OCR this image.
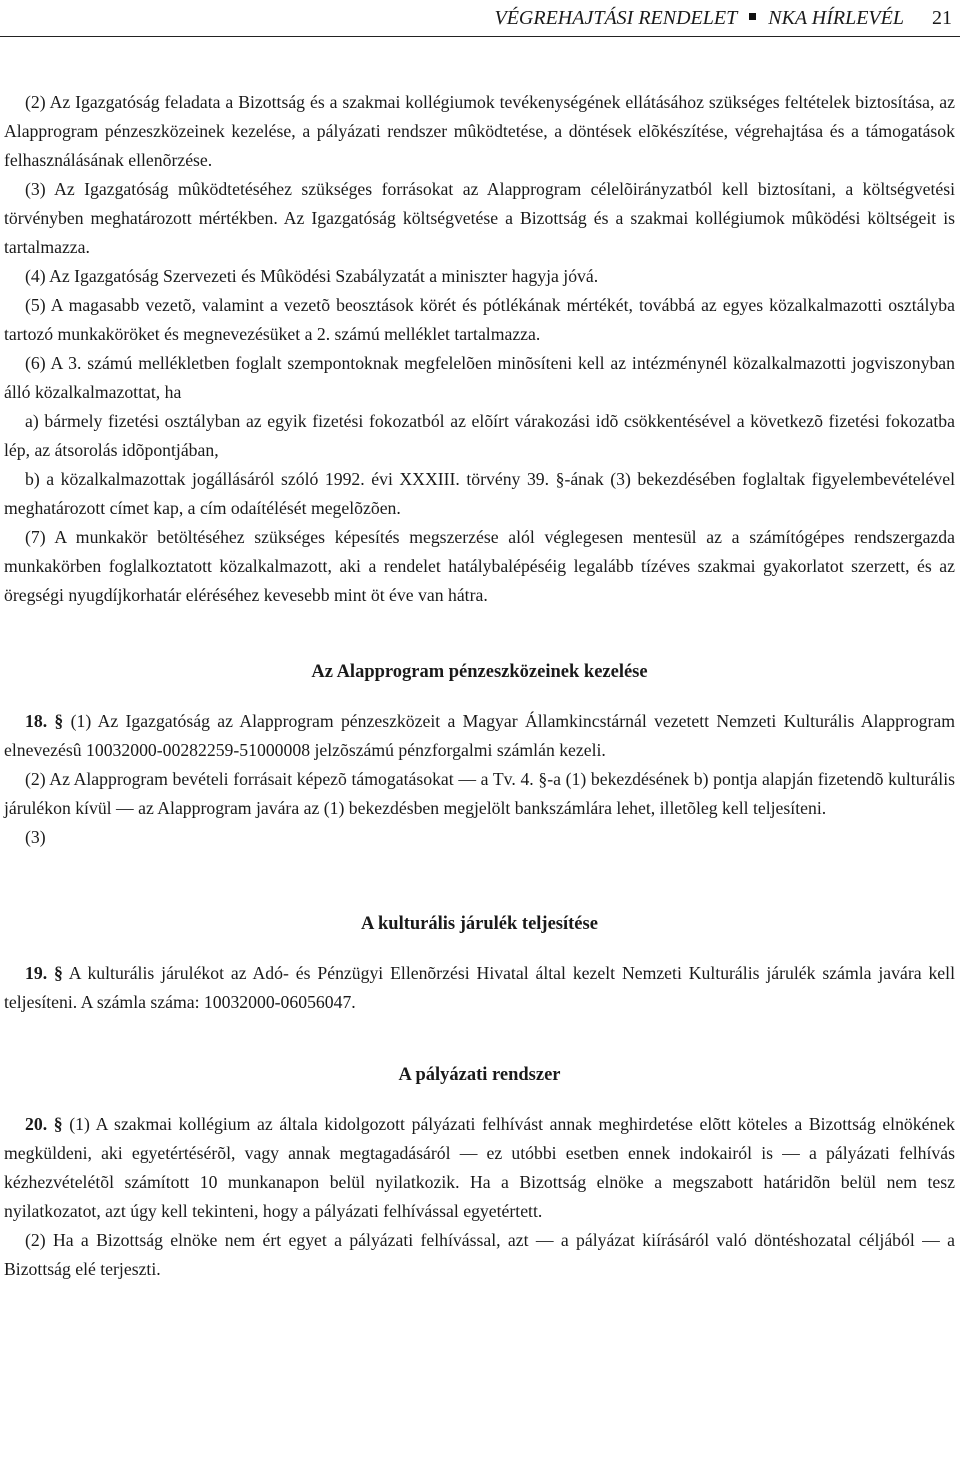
VÉGREHAJTÁSI RENDELET NKA HÍRLEVÉL 21

(2) Az Igazgatóság feladata a Bizottság és a szakmai kollégiumok tevékenységének ellátásához szükséges feltételek biztosítása, az Alapprogram pénzeszközeinek kezelése, a pályázati rendszer mûködtetése, a döntések elõkészítése, végrehajtása és a támogatások felhasználásának ellenõrzése.

(3) Az Igazgatóság mûködtetéséhez szükséges forrásokat az Alapprogram célelõirányzatból kell biztosítani, a költségvetési törvényben meghatározott mértékben. Az Igazgatóság költségvetése a Bizottság és a szakmai kollégiumok mûködési költségeit is tartalmazza.

(4) Az Igazgatóság Szervezeti és Mûködési Szabályzatát a miniszter hagyja jóvá.

(5) A magasabb vezetõ, valamint a vezetõ beosztások körét és pótlékának mértékét, továbbá az egyes közalkalmazotti osztályba tartozó munkaköröket és megnevezésüket a 2. számú melléklet tartalmazza.

(6) A 3. számú mellékletben foglalt szempontoknak megfelelõen minõsíteni kell az intézménynél közalkalmazotti jogviszonyban álló közalkalmazottat, ha

a) bármely fizetési osztályban az egyik fizetési fokozatból az elõírt várakozási idõ csökkentésével a következõ fizetési fokozatba lép, az átsorolás idõpontjában,

b) a közalkalmazottak jogállásáról szóló 1992. évi XXXIII. törvény 39. §-ának (3) bekezdésében foglaltak figyelembevételével meghatározott címet kap, a cím odaítélését megelõzõen.

(7) A munkakör betöltéséhez szükséges képesítés megszerzése alól véglegesen mentesül az a számítógépes rendszergazda munkakörben foglalkoztatott közalkalmazott, aki a rendelet hatálybalépéséig legalább tízéves szakmai gyakorlatot szerzett, és az öregségi nyugdíjkorhatár eléréséhez kevesebb mint öt éve van hátra.

Az Alapprogram pénzeszközeinek kezelése

18. § (1) Az Igazgatóság az Alapprogram pénzeszközeit a Magyar Államkincstárnál vezetett Nemzeti Kulturális Alapprogram elnevezésû 10032000-00282259-51000008 jelzõszámú pénzforgalmi számlán kezeli.

(2) Az Alapprogram bevételi forrásait képezõ támogatásokat — a Tv. 4. §-a (1) bekezdésének b) pontja alapján fizetendõ kulturális járulékon kívül — az Alapprogram javára az (1) bekezdésben megjelölt bankszámlára lehet, illetõleg kell teljesíteni.

(3)

A kulturális járulék teljesítése

19. § A kulturális járulékot az Adó- és Pénzügyi Ellenõrzési Hivatal által kezelt Nemzeti Kulturális járulék számla javára kell teljesíteni. A számla száma: 10032000-06056047.

A pályázati rendszer

20. § (1) A szakmai kollégium az általa kidolgozott pályázati felhívást annak meghirdetése elõtt köteles a Bizottság elnökének megküldeni, aki egyetértésérõl, vagy annak megtagadásáról — ez utóbbi esetben ennek indokairól is — a pályázati felhívás kézhezvételétõl számított 10 munkanapon belül nyilatkozik. Ha a Bizottság elnöke a megszabott határidõn belül nem tesz nyilatkozatot, azt úgy kell tekinteni, hogy a pályázati felhívással egyetértett.

(2) Ha a Bizottság elnöke nem ért egyet a pályázati felhívással, azt — a pályázat kiírásáról való döntéshozatal céljából — a Bizottság elé terjeszti.
